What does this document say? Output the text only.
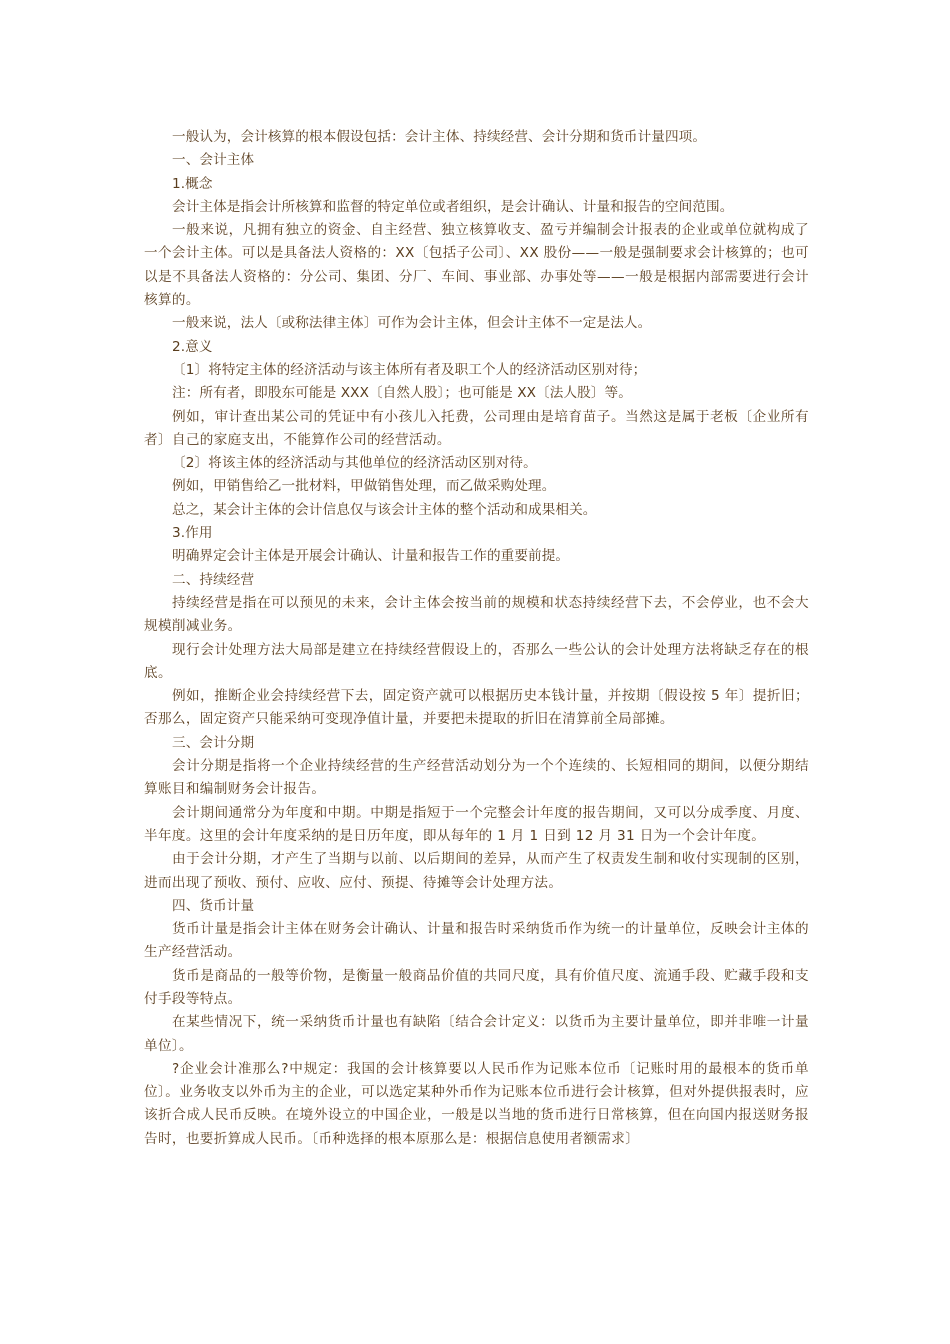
一般认为，会计核算的根本假设包括：会计主体、持续经营、会计分期和货币计量四项。

一、会计主体

1.概念

会计主体是指会计所核算和监督的特定单位或者组织，是会计确认、计量和报告的空间范围。

一般来说，凡拥有独立的资金、自主经营、独立核算收支、盈亏并编制会计报表的企业或单位就构成了一个会计主体。可以是具备法人资格的：XX〔包括子公司〕、XX 股份——一般是强制要求会计核算的；也可以是不具备法人资格的：分公司、集团、分厂、车间、事业部、办事处等——一般是根据内部需要进行会计核算的。

一般来说，法人〔或称法律主体〕可作为会计主体，但会计主体不一定是法人。

2.意义

〔1〕将特定主体的经济活动与该主体所有者及职工个人的经济活动区别对待；

注：所有者，即股东可能是 XXX〔自然人股〕；也可能是 XX〔法人股〕等。

例如，审计查出某公司的凭证中有小孩儿入托费，公司理由是培育苗子。当然这是属于老板〔企业所有者〕自己的家庭支出，不能算作公司的经营活动。

〔2〕将该主体的经济活动与其他单位的经济活动区别对待。

例如，甲销售给乙一批材料，甲做销售处理，而乙做采购处理。

总之，某会计主体的会计信息仅与该会计主体的整个活动和成果相关。

3.作用

明确界定会计主体是开展会计确认、计量和报告工作的重要前提。

二、持续经营

持续经营是指在可以预见的未来，会计主体会按当前的规模和状态持续经营下去，不会停业，也不会大规模削减业务。

现行会计处理方法大局部是建立在持续经营假设上的，否那么一些公认的会计处理方法将缺乏存在的根底。

例如，推断企业会持续经营下去，固定资产就可以根据历史本钱计量，并按期〔假设按 5 年〕提折旧；否那么，固定资产只能采纳可变现净值计量，并要把未提取的折旧在清算前全局部摊。

三、会计分期

会计分期是指将一个企业持续经营的生产经营活动划分为一个个连续的、长短相同的期间，以便分期结算账目和编制财务会计报告。

会计期间通常分为年度和中期。中期是指短于一个完整会计年度的报告期间，又可以分成季度、月度、半年度。这里的会计年度采纳的是日历年度，即从每年的 1 月 1 日到 12 月 31 日为一个会计年度。

由于会计分期，才产生了当期与以前、以后期间的差异，从而产生了权责发生制和收付实现制的区别，进而出现了预收、预付、应收、应付、预提、待摊等会计处理方法。

四、货币计量

货币计量是指会计主体在财务会计确认、计量和报告时采纳货币作为统一的计量单位，反映会计主体的生产经营活动。

货币是商品的一般等价物，是衡量一般商品价值的共同尺度，具有价值尺度、流通手段、贮藏手段和支付手段等特点。

在某些情况下，统一采纳货币计量也有缺陷〔结合会计定义：以货币为主要计量单位，即并非唯一计量单位〕。

?企业会计准那么?中规定：我国的会计核算要以人民币作为记账本位币〔记账时用的最根本的货币单位〕。业务收支以外币为主的企业，可以选定某种外币作为记账本位币进行会计核算，但对外提供报表时，应该折合成人民币反映。在境外设立的中国企业，一般是以当地的货币进行日常核算，但在向国内报送财务报告时，也要折算成人民币。〔币种选择的根本原那么是：根据信息使用者额需求〕
